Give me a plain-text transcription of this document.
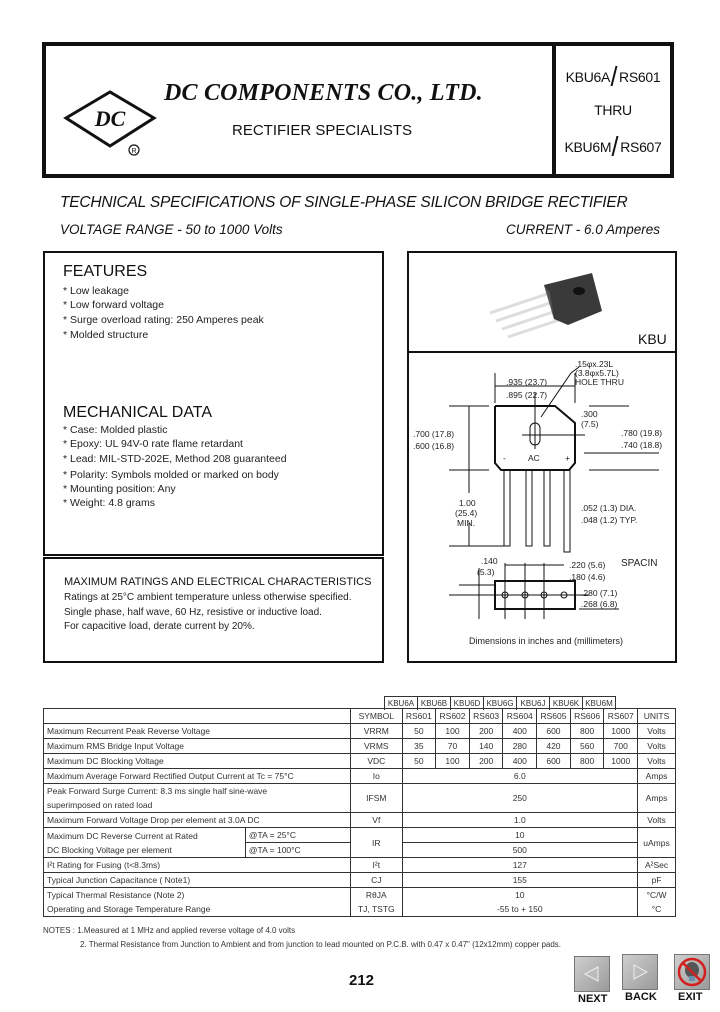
DC
R
DC COMPONENTS CO., LTD.
RECTIFIER SPECIALISTS
KBU6A RS601
THRU
KBU6M RS607
TECHNICAL SPECIFICATIONS OF SINGLE-PHASE SILICON BRIDGE RECTIFIER
VOLTAGE RANGE - 50 to 1000 Volts	CURRENT - 6.0 Amperes
FEATURES
* Low leakage
* Low forward voltage
* Surge overload rating: 250 Amperes peak
* Molded structure
MECHANICAL DATA
* Case: Molded plastic
* Epoxy: UL 94V-0 rate flame retardant
* Lead: MIL-STD-202E, Method 208 guaranteed
* Polarity: Symbols molded or marked on body
* Mounting position: Any
* Weight: 4.8 grams
MAXIMUM RATINGS AND ELECTRICAL CHARACTERISTICS
Ratings at 25°C ambient temperature unless otherwise specified.
Single phase, half wave, 60 Hz, resistive or inductive load.
For capacitive load, derate current by 20%.
KBU
.15φx.23L
(3.8φx5.7L)
HOLE THRU
.935 (23.7)
.895 (22.7)
.300
(7.5)
.700 (17.8)
.600 (16.8)
.780 (19.8)
.740 (18.8)
-	AC	+
1.00
(25.4)
MIN.
.052 (1.3) DIA.
.048 (1.2) TYP.
.140
(5.3)
.220 (5.6) SPACIN
.180 (4.6)
.280 (7.1)
.268 (6.8)
Dimensions in inches and (millimeters)
KBU6A KBU6B KBU6D KBU6G KBU6J KBU6K KBU6M
		SYMBOL	RS601	RS602	RS603	RS604	RS605	RS606	RS607	UNITS
Maximum Recurrent Peak Reverse Voltage		VRRM	50	100	200	400	600	800	1000	Volts
Maximum RMS Bridge Input Voltage		VRMS	35	70	140	280	420	560	700	Volts
Maximum DC Blocking Voltage		VDC	50	100	200	400	600	800	1000	Volts
Maximum Average Forward Rectified Output Current at Tc = 75°C		Io	6.0							Amps
Peak Forward Surge Current: 8.3 ms single half sine-wave
superimposed on rated load		IFSM	250							Amps
Maximum Forward Voltage Drop per element at 3.0A DC		Vf	1.0							Volts
Maximum DC Reverse Current at Rated
DC Blocking Voltage per element	@TA = 25°C	IR	10							uAmps
	@TA = 100°C		500							
I²t Rating for Fusing (t<8.3ms)		I²t	127							A²Sec
Typical Junction Capacitance ( Note1)		CJ	155							pF
Typical Thermal Resistance (Note 2)		RθJA	10							°C/W
Operating and Storage Temperature Range		TJ, TSTG	-55 to + 150							°C
NOTES : 1.Measured at 1 MHz and applied reverse voltage of 4.0 volts
2. Thermal Resistance from Junction to Ambient and from junction to lead mounted on P.C.B. with 0.47 x 0.47" (12x12mm) copper pads.
212
NEXT BACK EXIT
